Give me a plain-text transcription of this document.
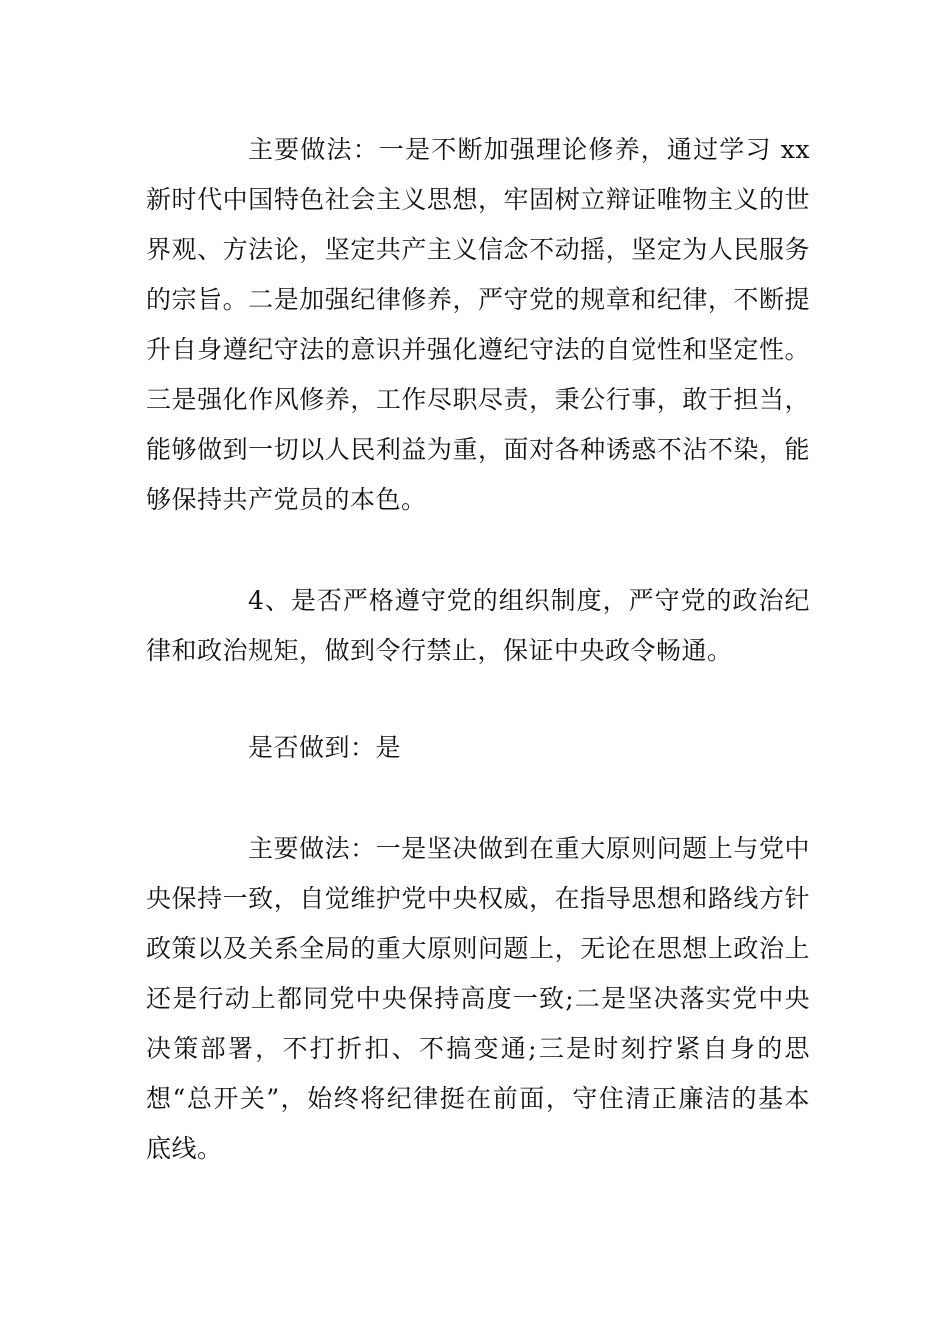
主要做法：一是不断加强理论修养，通过学习 xx 新时代中国特色社会主义思想，牢固树立辩证唯物主义的世界观、方法论，坚定共产主义信念不动摇，坚定为人民服务的宗旨。二是加强纪律修养，严守党的规章和纪律，不断提升自身遵纪守法的意识并强化遵纪守法的自觉性和坚定性。三是强化作风修养，工作尽职尽责，秉公行事，敢于担当，能够做到一切以人民利益为重，面对各种诱惑不沾不染，能够保持共产党员的本色。

4、是否严格遵守党的组织制度，严守党的政治纪律和政治规矩，做到令行禁止，保证中央政令畅通。

是否做到：是

主要做法：一是坚决做到在重大原则问题上与党中央保持一致，自觉维护党中央权威，在指导思想和路线方针政策以及关系全局的重大原则问题上，无论在思想上政治上还是行动上都同党中央保持高度一致;二是坚决落实党中央决策部署，不打折扣、不搞变通;三是时刻拧紧自身的思想“总开关”，始终将纪律挺在前面，守住清正廉洁的基本底线。
